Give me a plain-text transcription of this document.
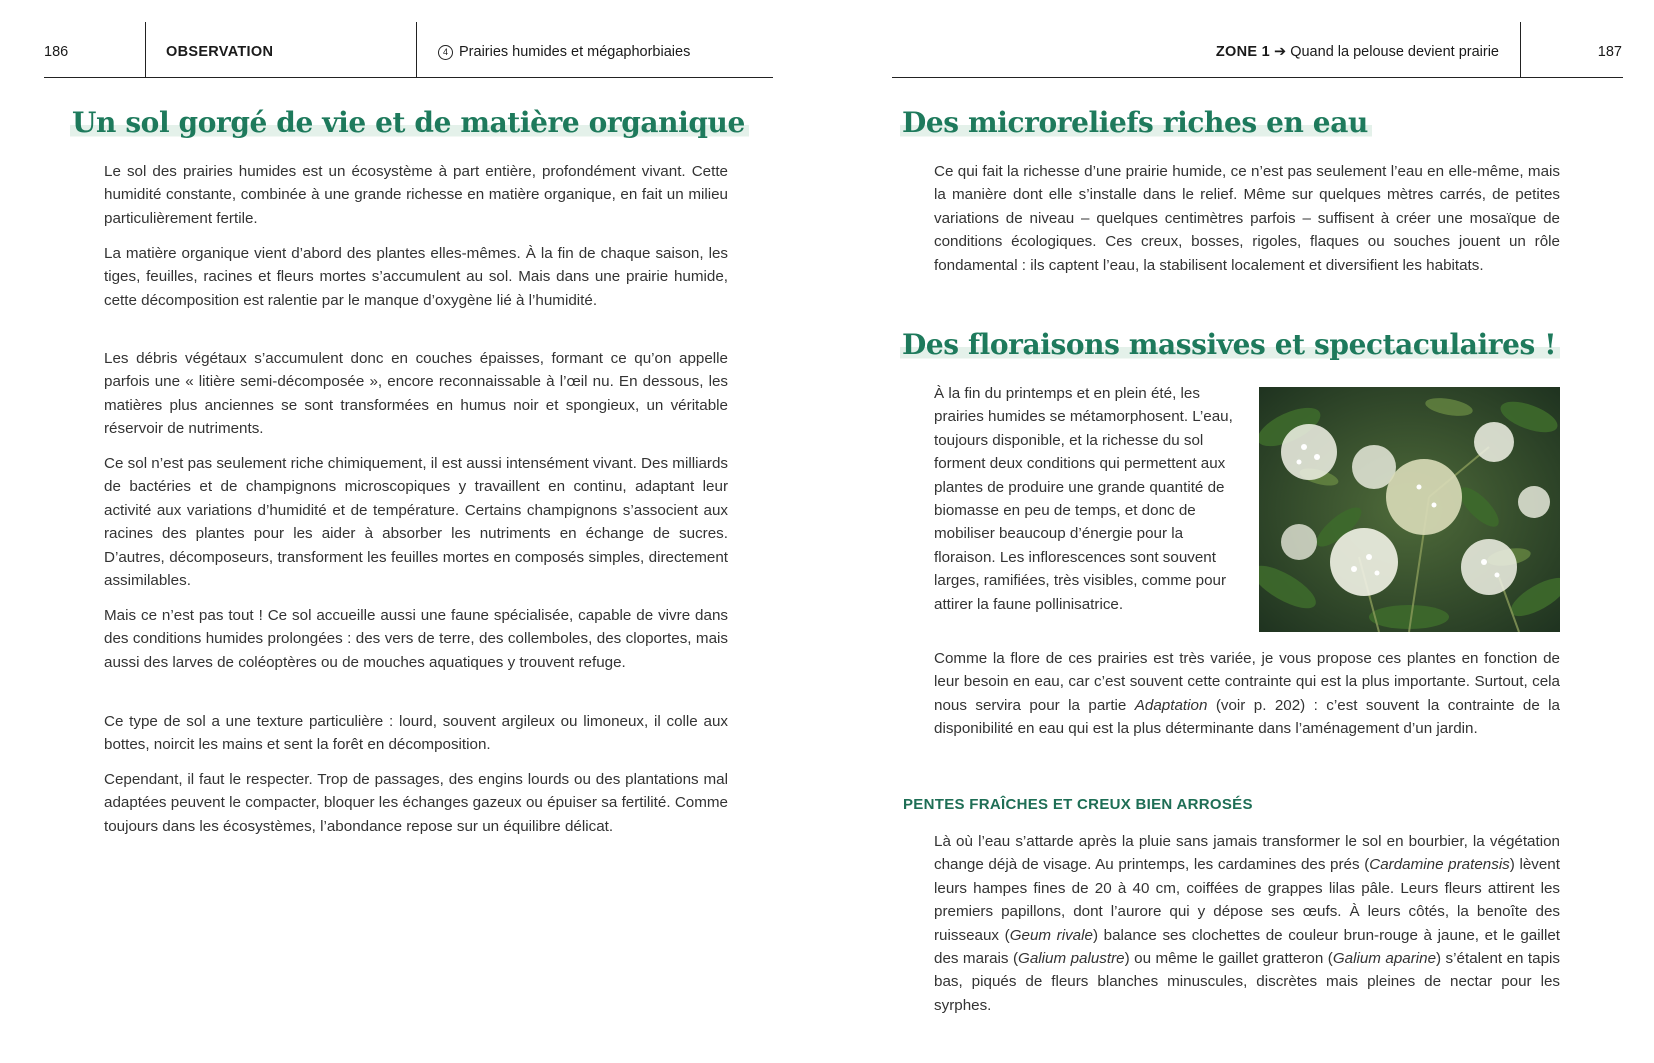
186	OBSERVATION	4 Prairies humides et mégaphorbiaies	ZONE 1 ➔ Quand la pelouse devient prairie	187
Un sol gorgé de vie et de matière organique

Le sol des prairies humides est un écosystème à part entière, profondément vivant. Cette humidité constante, combinée à une grande richesse en matière organique, en fait un milieu particulièrement fertile.

La matière organique vient d’abord des plantes elles-mêmes. À la fin de chaque saison, les tiges, feuilles, racines et fleurs mortes s’accumulent au sol. Mais dans une prairie humide, cette décomposition est ralentie par le manque d’oxygène lié à l’humidité.

Les débris végétaux s’accumulent donc en couches épaisses, formant ce qu’on appelle parfois une « litière semi-décomposée », encore reconnaissable à l’œil nu. En dessous, les matières plus anciennes se sont transformées en humus noir et spongieux, un véritable réservoir de nutriments.

Ce sol n’est pas seulement riche chimiquement, il est aussi intensément vivant. Des milliards de bactéries et de champignons microscopiques y travaillent en continu, adaptant leur activité aux variations d’humidité et de température. Certains champignons s’associent aux racines des plantes pour les aider à absorber les nutriments en échange de sucres. D’autres, décomposeurs, transforment les feuilles mortes en composés simples, directement assimilables.

Mais ce n’est pas tout ! Ce sol accueille aussi une faune spécialisée, capable de vivre dans des conditions humides prolongées : des vers de terre, des collemboles, des cloportes, mais aussi des larves de coléoptères ou de mouches aquatiques y trouvent refuge.

Ce type de sol a une texture particulière : lourd, souvent argileux ou limoneux, il colle aux bottes, noircit les mains et sent la forêt en décomposition.

Cependant, il faut le respecter. Trop de passages, des engins lourds ou des plantations mal adaptées peuvent le compacter, bloquer les échanges gazeux ou épuiser sa fertilité. Comme toujours dans les écosystèmes, l’abondance repose sur un équilibre délicat.

Des microreliefs riches en eau

Ce qui fait la richesse d’une prairie humide, ce n’est pas seulement l’eau en elle-même, mais la manière dont elle s’installe dans le relief. Même sur quelques mètres carrés, de petites variations de niveau – quelques centimètres parfois – suffisent à créer une mosaïque de conditions écologiques. Ces creux, bosses, rigoles, flaques ou souches jouent un rôle fondamental : ils captent l’eau, la stabilisent localement et diversifient les habitats.

Des floraisons massives et spectaculaires !

À la fin du printemps et en plein été, les prairies humides se métamorphosent. L’eau, toujours disponible, et la richesse du sol forment deux conditions qui permettent aux plantes de produire une grande quantité de biomasse en peu de temps, et donc de mobiliser beaucoup d’énergie pour la floraison. Les inflorescences sont souvent larges, ramifiées, très visibles, comme pour attirer la faune pollinisatrice.

Comme la flore de ces prairies est très variée, je vous propose ces plantes en fonction de leur besoin en eau, car c’est souvent cette contrainte qui est la plus importante. Surtout, cela nous servira pour la partie Adaptation (voir p. 202) : c’est souvent la contrainte de la disponibilité en eau qui est la plus déterminante dans l’aménagement d’un jardin.

PENTES FRAÎCHES ET CREUX BIEN ARROSÉS

Là où l’eau s’attarde après la pluie sans jamais transformer le sol en bourbier, la végétation change déjà de visage. Au printemps, les cardamines des prés (Cardamine pratensis) lèvent leurs hampes fines de 20 à 40 cm, coiffées de grappes lilas pâle. Leurs fleurs attirent les premiers papillons, dont l’aurore qui y dépose ses œufs. À leurs côtés, la benoîte des ruisseaux (Geum rivale) balance ses clochettes de couleur brun-rouge à jaune, et le gaillet des marais (Galium palustre) ou même le gaillet gratteron (Galium aparine) s’étalent en tapis bas, piqués de fleurs blanches minuscules, discrètes mais pleines de nectar pour les syrphes.
